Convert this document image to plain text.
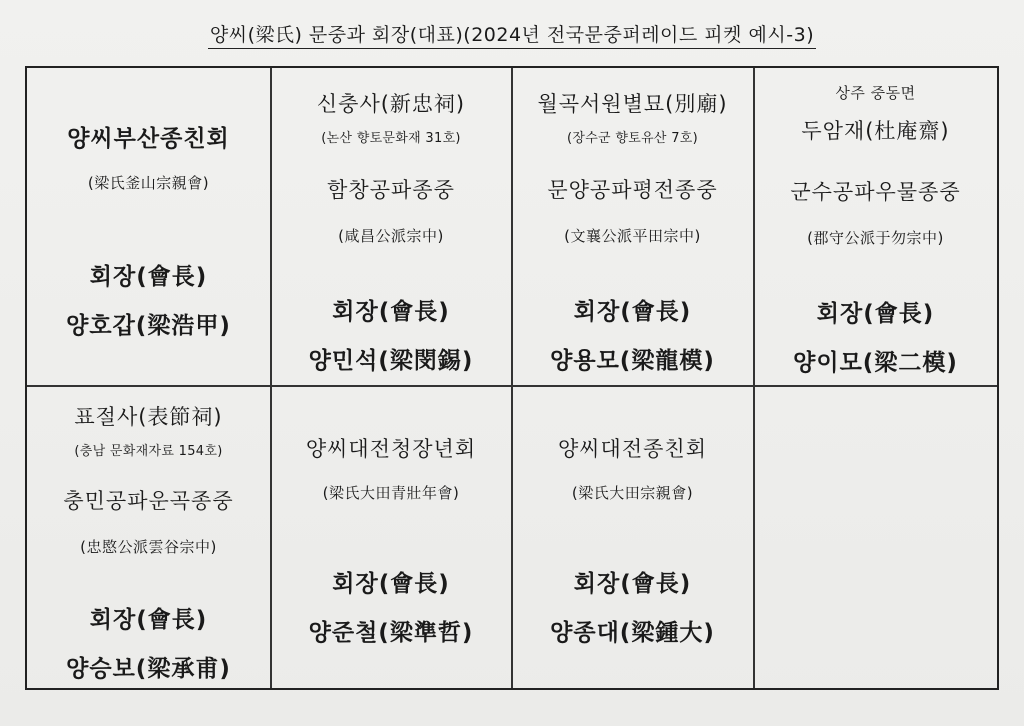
양씨(梁氏) 문중과 회장(대표)(2024년 전국문중퍼레이드 피켓 예시-3)
양씨부산종친회
(梁氏釜山宗親會)
회장(會長)
양호갑(梁浩甲)
신충사(新忠祠)
(논산 향토문화재 31호)
함창공파종중
(咸昌公派宗中)
회장(會長)
양민석(梁閔錫)
월곡서원별묘(別廟)
(장수군 향토유산 7호)
문양공파평전종중
(文襄公派平田宗中)
회장(會長)
양용모(梁龍模)
상주 중동면
두암재(杜庵齋)
군수공파우물종중
(郡守公派于勿宗中)
회장(會長)
양이모(梁二模)
표절사(表節祠)
(충남 문화재자료 154호)
충민공파운곡종중
(忠愍公派雲谷宗中)
회장(會長)
양승보(梁承甫)
양씨대전청장년회
(梁氏大田青壯年會)
회장(會長)
양준철(梁準哲)
양씨대전종친회
(梁氏大田宗親會)
회장(會長)
양종대(梁鍾大)
